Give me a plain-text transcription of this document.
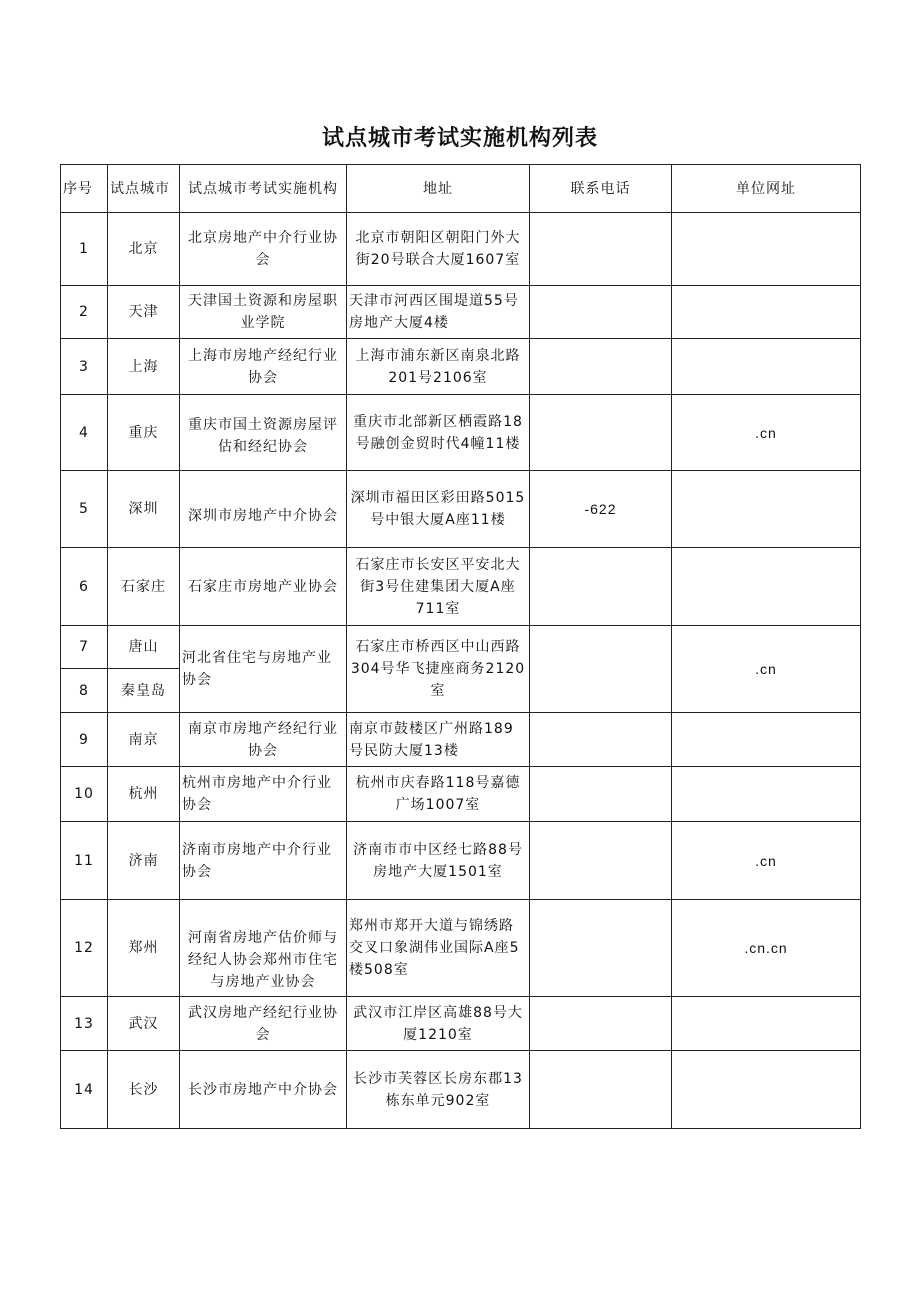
试点城市考试实施机构列表
序号	试点城市	试点城市考试实施机构	地址	联系电话	单位网址
1	北京	北京房地产中介行业协会	北京市朝阳区朝阳门外大街20号联合大厦1607室		
2	天津	天津国土资源和房屋职业学院	天津市河西区围堤道55号房地产大厦4楼		
3	上海	上海市房地产经纪行业协会	上海市浦东新区南泉北路201号2106室		
4	重庆	重庆市国土资源房屋评估和经纪协会	重庆市北部新区栖霞路18号融创金贸时代4幢11楼		.cn
5	深圳	深圳市房地产中介协会	深圳市福田区彩田路5015号中银大厦A座11楼	-622	
6	石家庄	石家庄市房地产业协会	石家庄市长安区平安北大街3号住建集团大厦A座711室		
7	唐山	河北省住宅与房地产业协会	石家庄市桥西区中山西路304号华飞捷座商务2120室		.cn
8	秦皇岛				
9	南京	南京市房地产经纪行业协会	南京市鼓楼区广州路189号民防大厦13楼		
10	杭州	杭州市房地产中介行业协会	杭州市庆春路118号嘉德广场1007室		
11	济南	济南市房地产中介行业协会	济南市市中区经七路88号房地产大厦1501室		.cn
12	郑州	河南省房地产估价师与经纪人协会郑州市住宅与房地产业协会	郑州市郑开大道与锦绣路交叉口象湖伟业国际A座5楼508室		.cn.cn
13	武汉	武汉房地产经纪行业协会	武汉市江岸区高雄88号大厦1210室		
14	长沙	长沙市房地产中介协会	长沙市芙蓉区长房东郡13栋东单元902室		
